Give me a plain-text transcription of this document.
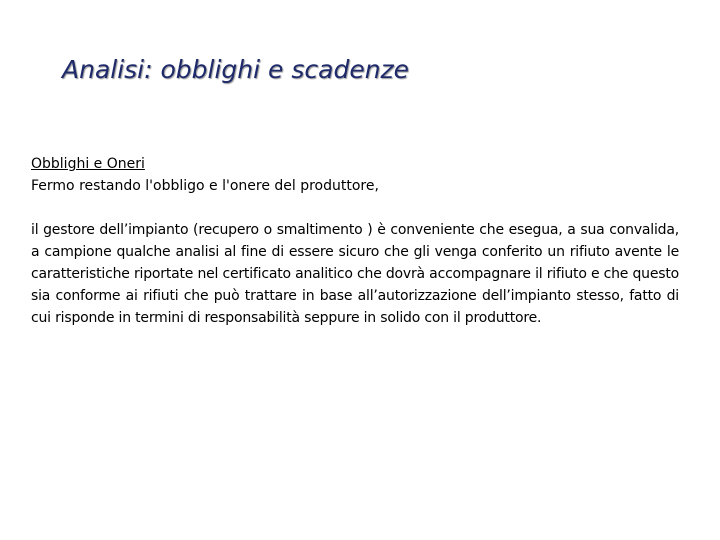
Analisi: obblighi e scadenze
Obblighi e Oneri
Fermo restando l'obbligo e l'onere del produttore,

il gestore dell’impianto (recupero o smaltimento ) è conveniente che esegua, a sua convalida, a campione qualche analisi al fine di essere sicuro che gli venga conferito un rifiuto avente le caratteristiche riportate nel certificato analitico che dovrà accompagnare il rifiuto e che questo sia conforme ai rifiuti che può trattare in base all’autorizzazione dell’impianto stesso, fatto di cui risponde in termini di responsabilità seppure in solido con il produttore.
